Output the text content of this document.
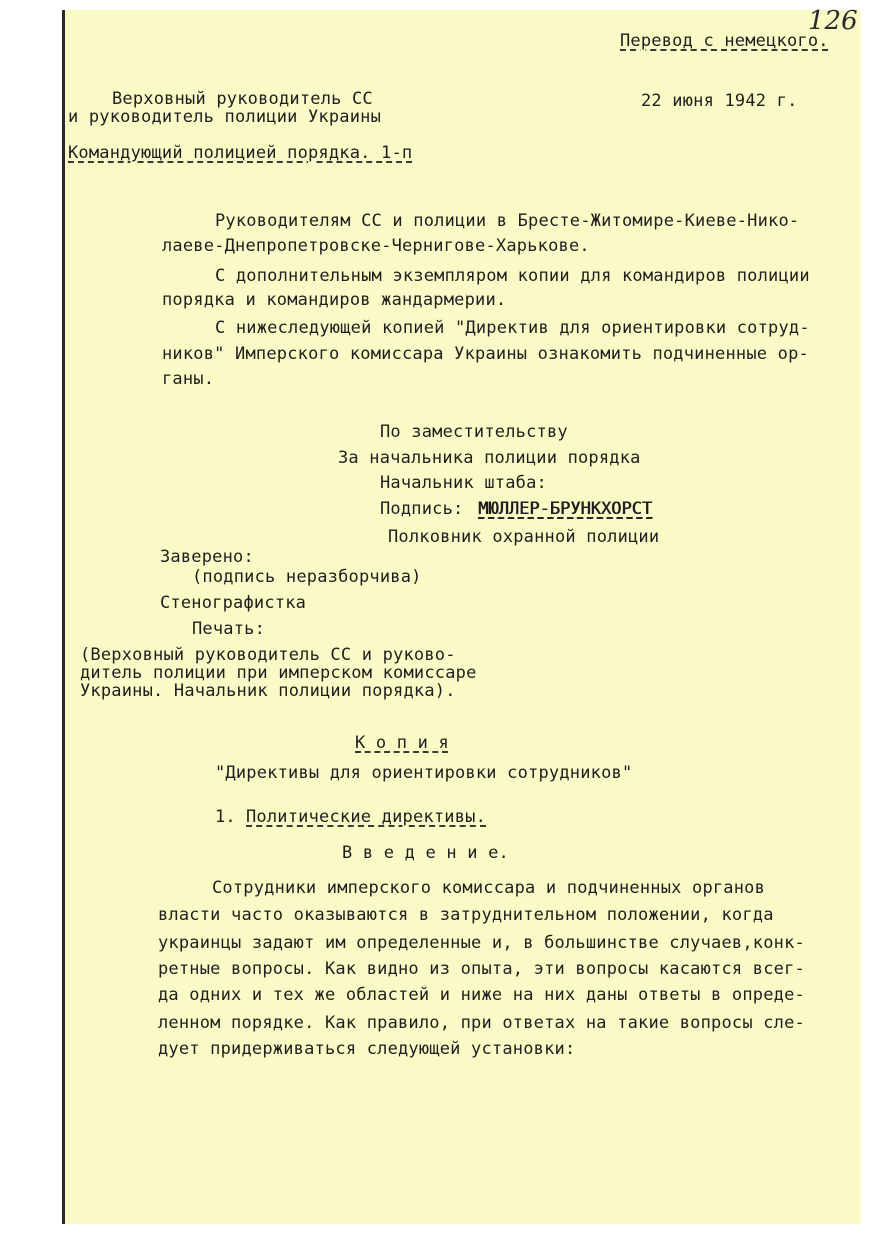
126
Перевод с немецкого.
Верховный руководитель СС
и руководитель полиции Украины
22 июня 1942 г.
Командующий полицией порядка. 1-п
Руководителям СС и полиции в Бресте-Житомире-Киеве-Нико-
лаеве-Днепропетровске-Чернигове-Харькове.
С дополнительным экземпляром копии для командиров полиции
порядка и командиров жандармерии.
С нижеследующей копией "Директив для ориентировки сотруд-
ников" Имперского комиссара Украины ознакомить подчиненные ор-
ганы.
По заместительству
За начальника полиции порядка
Начальник штаба:
Подпись: МЮЛЛЕР-БРУНКХОРСТ
Полковник охранной полиции
Заверено:
(подпись неразборчива)
Стенографистка
Печать:
(Верховный руководитель СС и руково-
дитель полиции при имперском комиссаре
Украины. Начальник полиции порядка).
К о п и я
"Директивы для ориентировки сотрудников"
1. Политические директивы.
В в е д е н и е.
Сотрудники имперского комиссара и подчиненных органов
власти часто оказываются в затруднительном положении, когда
украинцы задают им определенные и, в большинстве случаев,конк-
ретные вопросы. Как видно из опыта, эти вопросы касаются всег-
да одних и тех же областей и ниже на них даны ответы в опреде-
ленном порядке. Как правило, при ответах на такие вопросы сле-
дует придерживаться следующей установки:
